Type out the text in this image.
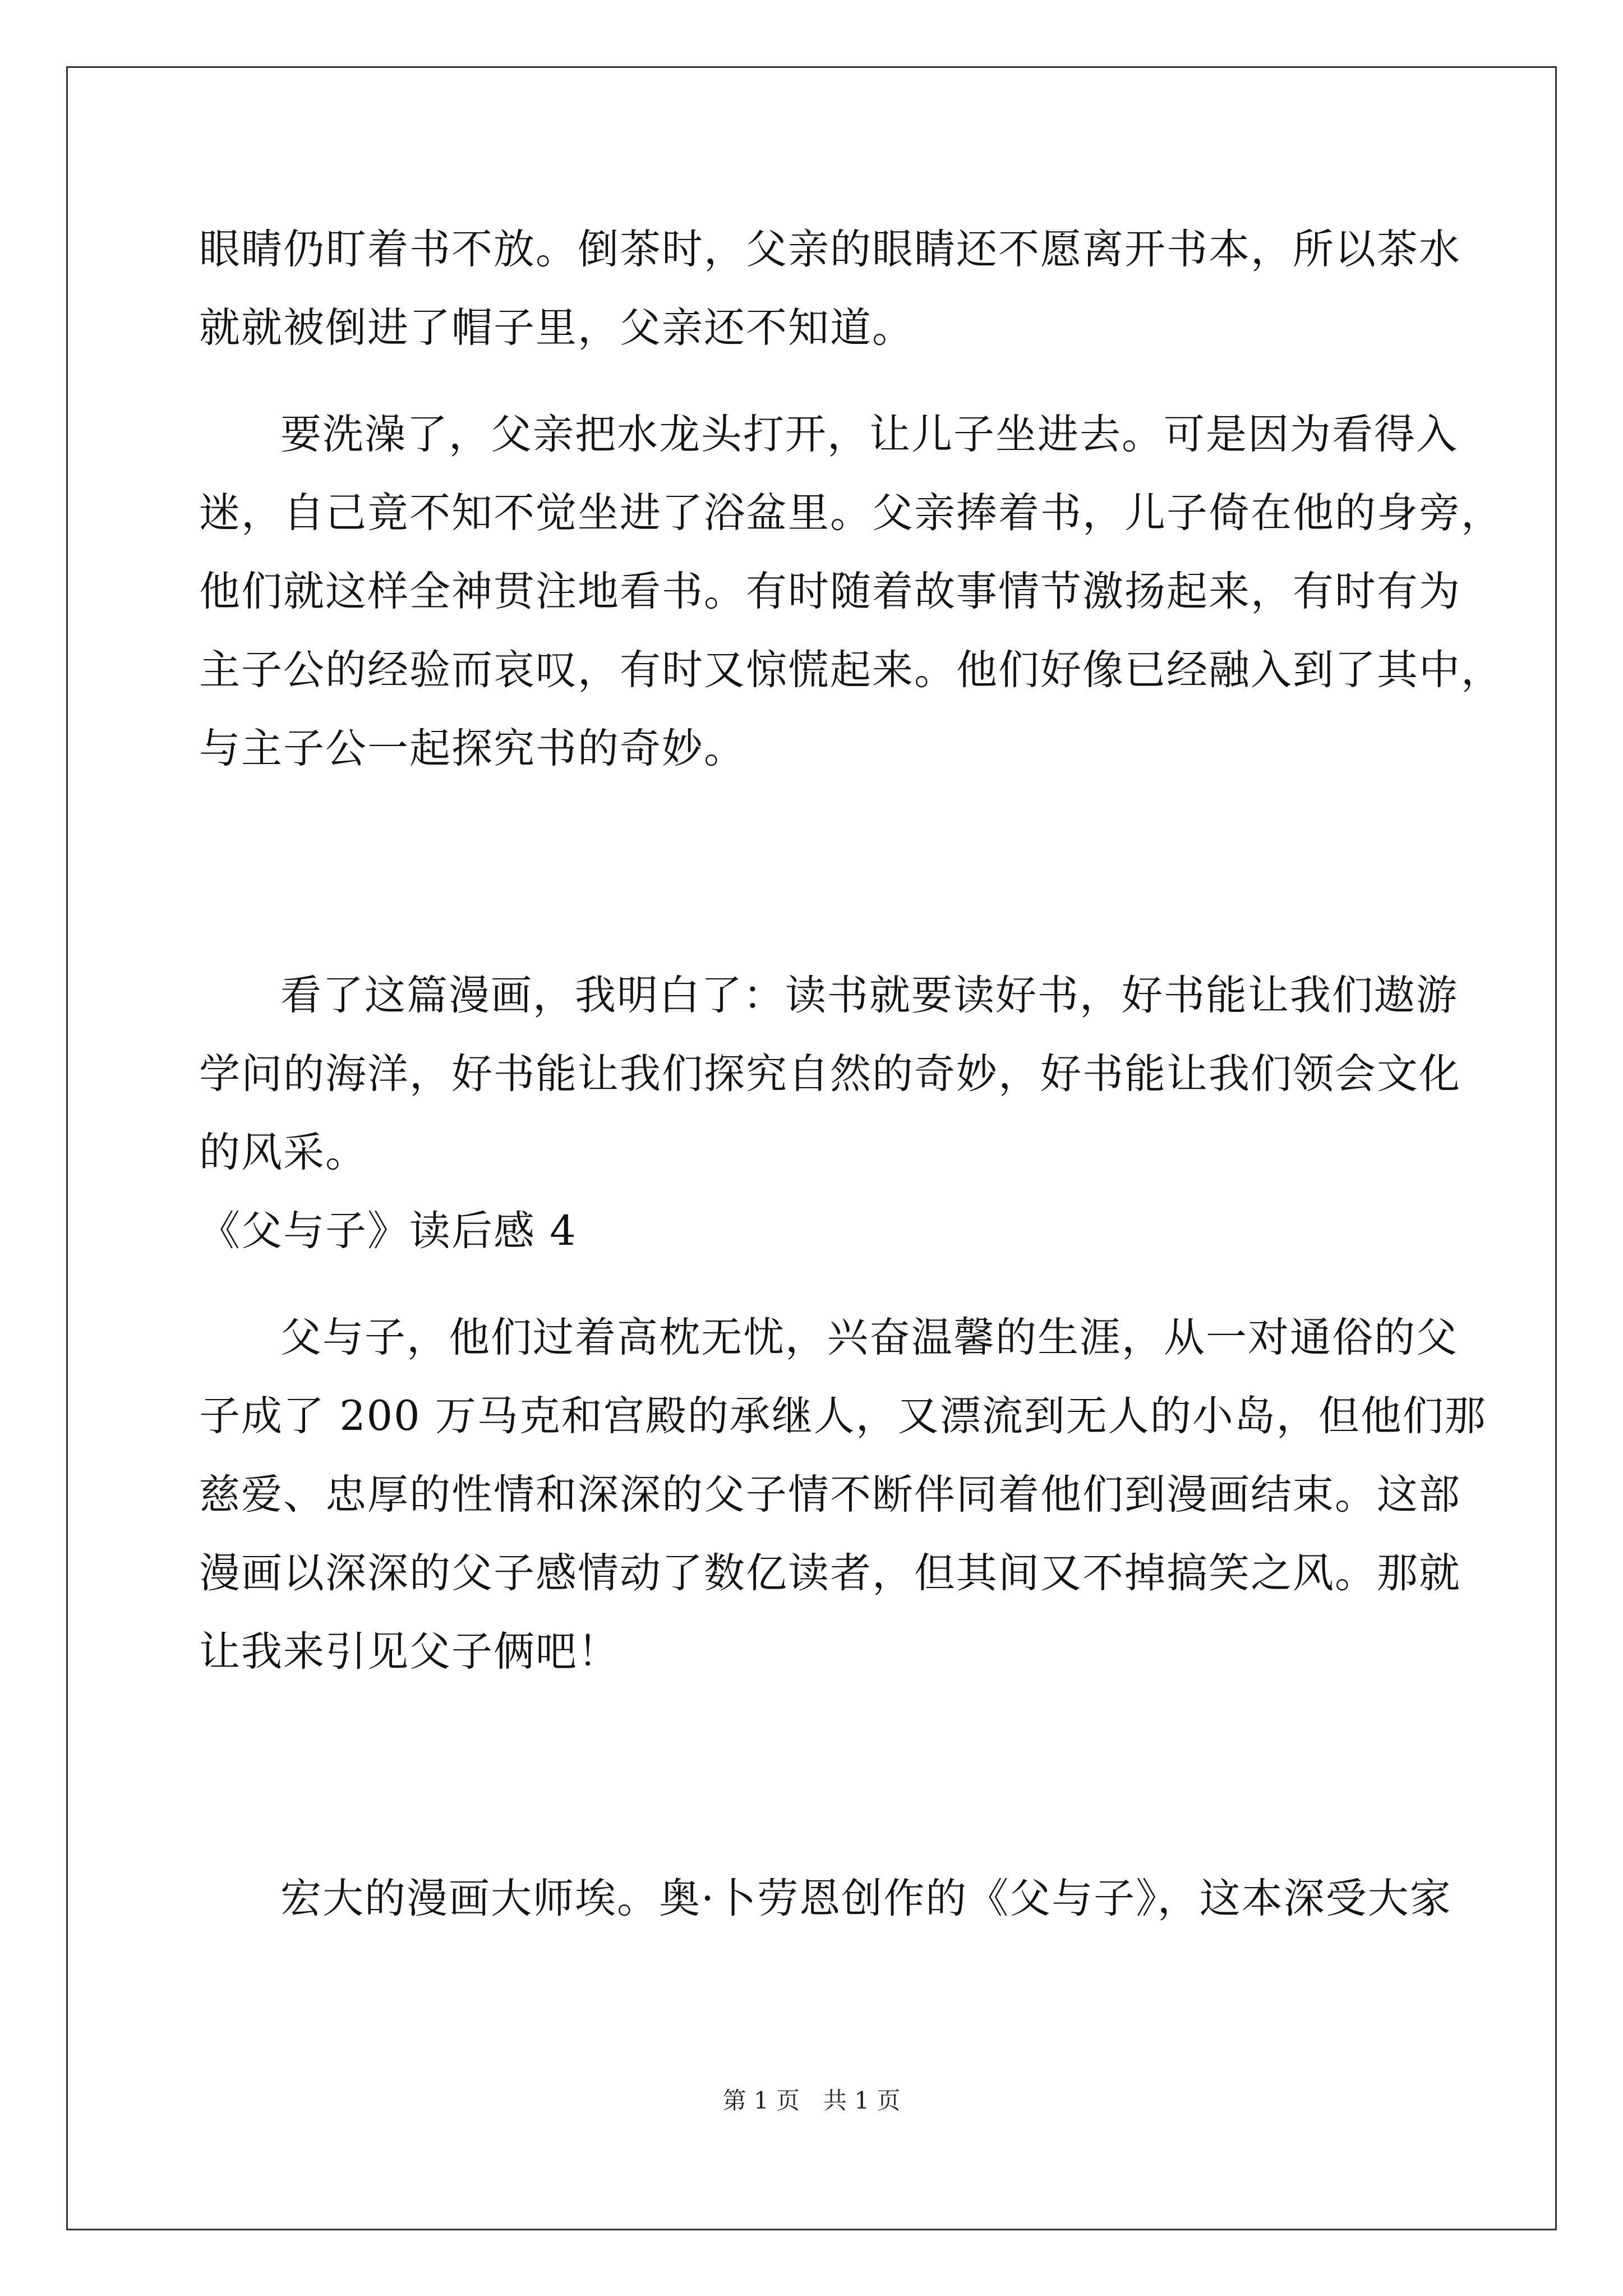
眼睛仍盯着书不放。倒茶时，父亲的眼睛还不愿离开书本，所以茶水
就就被倒进了帽子里，父亲还不知道。
要洗澡了，父亲把水龙头打开，让儿子坐进去。可是因为看得入
迷，自己竟不知不觉坐进了浴盆里。父亲捧着书，儿子倚在他的身旁，
他们就这样全神贯注地看书。有时随着故事情节激扬起来，有时有为
主子公的经验而哀叹，有时又惊慌起来。他们好像已经融入到了其中，
与主子公一起探究书的奇妙。
看了这篇漫画，我明白了：读书就要读好书，好书能让我们遨游
学问的海洋，好书能让我们探究自然的奇妙，好书能让我们领会文化
的风采。
《父与子》读后感 4
父与子，他们过着高枕无忧，兴奋温馨的生涯，从一对通俗的父
子成了 200 万马克和宫殿的承继人，又漂流到无人的小岛，但他们那
慈爱、忠厚的性情和深深的父子情不断伴同着他们到漫画结束。这部
漫画以深深的父子感情动了数亿读者，但其间又不掉搞笑之风。那就
让我来引见父子俩吧！
宏大的漫画大师埃。奥·卜劳恩创作的《父与子》，这本深受大家
第 1 页　共 1 页
